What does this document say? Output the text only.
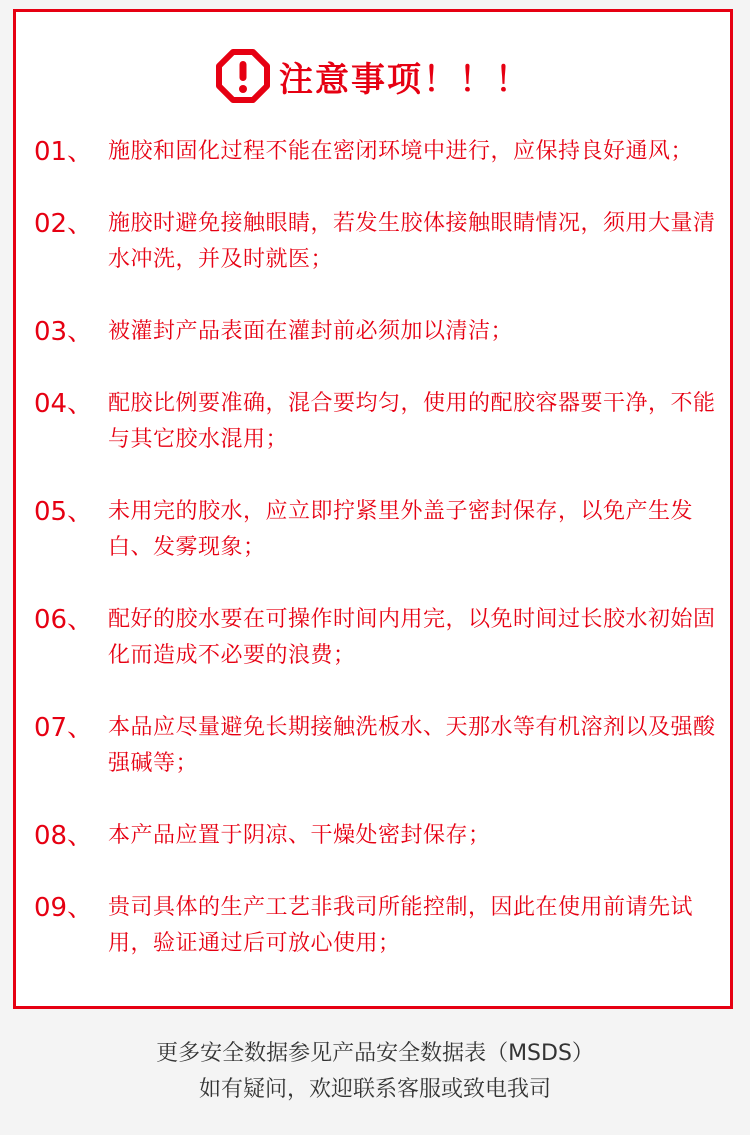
注意事项！！！
01、 施胶和固化过程不能在密闭环境中进行，应保持良好通风；
02、 施胶时避免接触眼睛，若发生胶体接触眼睛情况，须用大量清水冲洗，并及时就医；
03、 被灌封产品表面在灌封前必须加以清洁；
04、 配胶比例要准确，混合要均匀，使用的配胶容器要干净，不能与其它胶水混用；
05、 未用完的胶水，应立即拧紧里外盖子密封保存，以免产生发白、发雾现象；
06、 配好的胶水要在可操作时间内用完，以免时间过长胶水初始固化而造成不必要的浪费；
07、 本品应尽量避免长期接触洗板水、天那水等有机溶剂以及强酸强碱等；
08、 本产品应置于阴凉、干燥处密封保存；
09、 贵司具体的生产工艺非我司所能控制，因此在使用前请先试用，验证通过后可放心使用；
更多安全数据参见产品安全数据表（MSDS）
如有疑问，欢迎联系客服或致电我司
